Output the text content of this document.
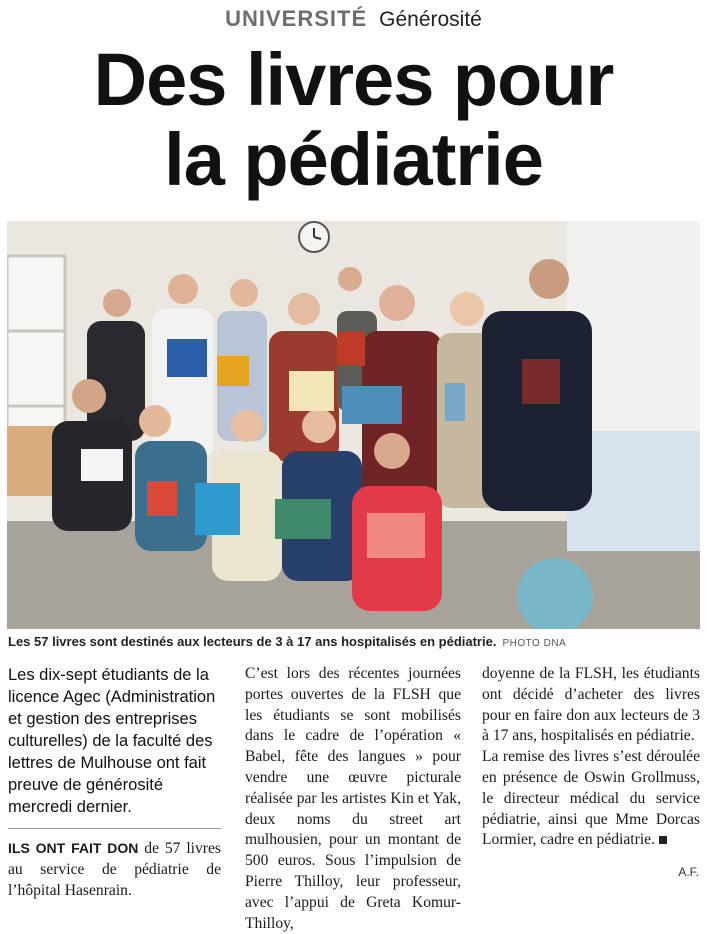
UNIVERSITÉ Générosité
Des livres pour
la pédiatrie
Les 57 livres sont destinés aux lecteurs de 3 à 17 ans hospitalisés en pédiatrie. PHOTO DNA
Les dix-sept étudiants de la licence Agec (Administration et gestion des entreprises culturelles) de la faculté des lettres de Mulhouse ont fait preuve de générosité mercredi dernier.
ILS ONT FAIT DON de 57 livres au service de pédiatrie de l’hôpital Hasenrain.
C’est lors des récentes journées portes ouvertes de la FLSH que les étudiants se sont mobilisés dans le cadre de l’opération « Babel, fête des langues » pour vendre une œuvre picturale réalisée par les artistes Kin et Yak, deux noms du street art mulhousien, pour un montant de 500 euros. Sous l’impulsion de Pierre Thilloy, leur professeur, avec l’appui de Greta Komur-Thilloy,
doyenne de la FLSH, les étudiants ont décidé d’acheter des livres pour en faire don aux lecteurs de 3 à 17 ans, hospitalisés en pédiatrie.
La remise des livres s’est déroulée en présence de Oswin Grollmuss, le directeur médical du service pédiatrie, ainsi que Mme Dorcas Lormier, cadre en pédiatrie.
A.F.
